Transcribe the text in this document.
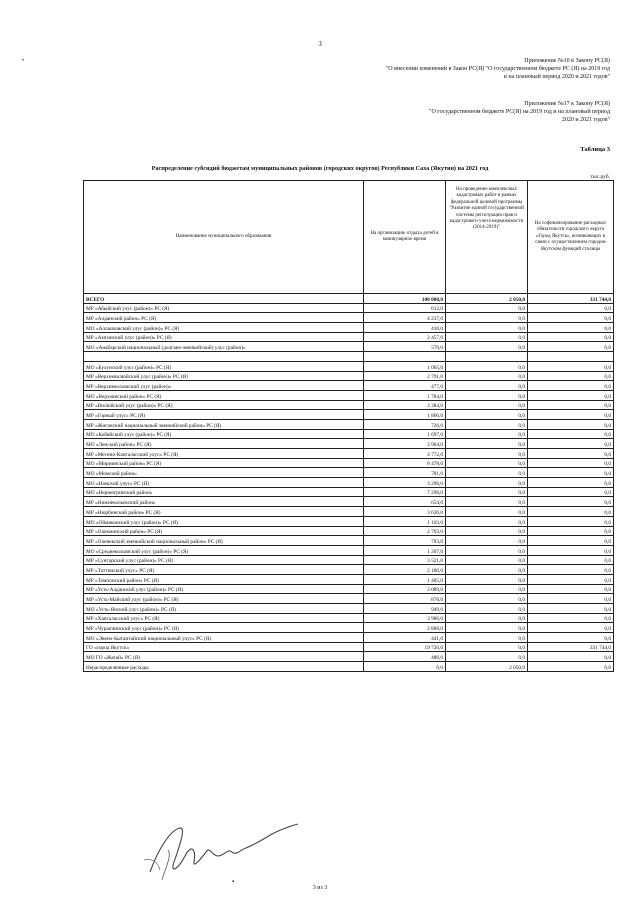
•
3
Приложение №10 к Закону РС(Я)
"О внесении изменений в Закон РС(Я) "О государственном бюджете РС (Я) на 2019 год
и на плановый период 2020 и 2021 годов"
Приложение №17 к Закону РС(Я)
"О государственном бюджете РС(Я) на 2019 год и на плановый период
2020 и 2021 годов"
Таблица 3
Распределение субсидий бюджетам муниципальных районов (городских округов) Республики Саха (Якутия) на 2021 год
тыс.руб.
Наименование муниципального образования	На организацию отдыха детей в каникулярное время	На проведение комплексных кадастровых работ в рамках федеральной целевой программы "Развитие единой государственной системы регистрации прав и кадастрового учета недвижимости (2014-2019)"	На софинансирование расходных обязательств городского округа «Город Якутск», возникающих в связи с осуществлением городом Якутском функций столицы
ВСЕГО	100 000,0	2 050,0	331 744,0
МР «Абыйский улус (район)» РС (Я)	612,0	0,0	0,0
МР «Алданский район» РС (Я)	4 237,0	0,0	0,0
МО «Аллаиховский улус (район)» РС (Я)	410,0	0,0	0,0
МР «Амгинский улус (район)» РС (Я)	2 457,0	0,0	0,0
МО «Анабарский национальный (долгано-эвенкийский) улус (район)»	570,0	0,0	0,0

МО «Булунский улус (район)» РС (Я)	1 065,0	0,0	0,0
МР «Верхневилюйский улус (район)» РС (Я)	2 791,0	0,0	0,0
МР «Верхнеколымский улус (район)»	477,0	0,0	0,0
МО «Верхоянский район» РС (Я)	1 784,0	0,0	0,0
МР «Вилюйский улус (район)» РС (Я)	3 384,0	0,0	0,0
МР «Горный улус» РС (Я)	1 800,0	0,0	0,0
МР «Жиганский национальный эвенкийский район» РС (Я)	726,0	0,0	0,0
МО «Кобяйский улус (район)» РС (Я)	1 697,0	0,0	0,0
МО «Ленский район» РС (Я)	3 904,0	0,0	0,0
МР «Мегино-Кангаласский улус» РС (Я)	4 772,0	0,0	0,0
МО «Мирнинский район» РС (Я)	8 478,0	0,0	0,0
МО «Момский район»	781,0	0,0	0,0
МО «Намский улус» РС (Я)	3 296,0	0,0	0,0
МО «Нерюнгринский район»	7 298,0	0,0	0,0
МР «Нижнеколымский район»	654,0	0,0	0,0
МР «Нюрбинский район» РС (Я)	3 636,0	0,0	0,0
МО «Оймяконский улус (район)» РС (Я)	1 103,0	0,0	0,0
МР «Олекминский район» РС (Я)	2 703,0	0,0	0,0
МР «Оленекский эвенкийский национальный район» РС (Я)	703,0	0,0	0,0
МО «Среднеколымский улус (район)» РС (Я)	1 207,0	0,0	0,0
МР «Сунтарский улус (район)» РС (Я)	3 521,0	0,0	0,0
МР «Таттинский улус» РС (Я)	2 180,0	0,0	0,0
МР «Томпонский район» РС (Я)	1 405,0	0,0	0,0
МР «Усть-Алданский улус (район)» РС (Я)	3 089,0	0,0	0,0
МР «Усть-Майский улус (район)» РС (Я)	878,0	0,0	0,0
МО «Усть-Янский улус (район)» РС (Я)	949,0	0,0	0,0
МР «Хангаласский улус» РС (Я)	3 986,0	0,0	0,0
МР «Чурапчинский улус (район)» РС (Я)	2 808,0	0,0	0,0
МО «Эвено-Бытантайский национальный улус» РС (Я)	441,0	0,0	0,0
ГО «город Якутск»	19 720,0	0,0	331 744,0
МО ГО «Жатай» РС (Я)	486,0	0,0	0,0
Нераспределенные расходы	0,0	2 050,0	0,0
▪
3 из 3
